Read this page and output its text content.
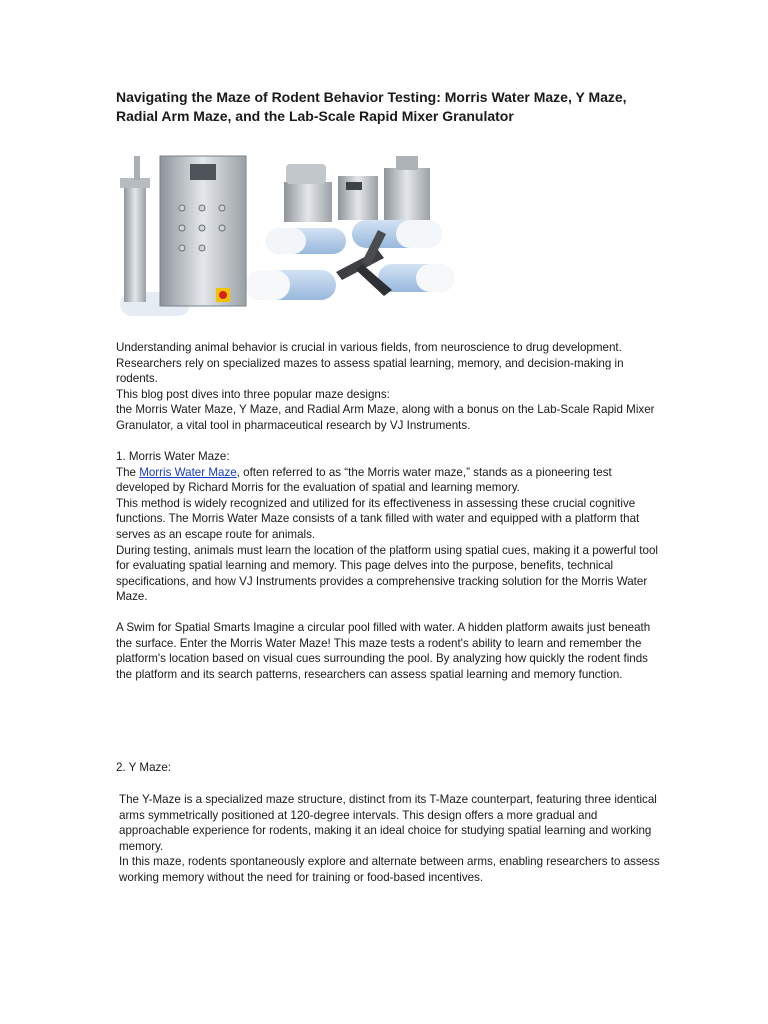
Navigating the Maze of Rodent Behavior Testing: Morris Water Maze, Y Maze, Radial Arm Maze, and the Lab-Scale Rapid Mixer Granulator

Understanding animal behavior is crucial in various fields, from neuroscience to drug development. Researchers rely on specialized mazes to assess spatial learning, memory, and decision-making in rodents.

This blog post dives into three popular maze designs:

the Morris Water Maze, Y Maze, and Radial Arm Maze, along with a bonus on the Lab-Scale Rapid Mixer Granulator, a vital tool in pharmaceutical research by VJ Instruments.

1. Morris Water Maze:

The Morris Water Maze, often referred to as “the Morris water maze,” stands as a pioneering test developed by Richard Morris for the evaluation of spatial and learning memory.

This method is widely recognized and utilized for its effectiveness in assessing these crucial cognitive functions. The Morris Water Maze consists of a tank filled with water and equipped with a platform that serves as an escape route for animals.

During testing, animals must learn the location of the platform using spatial cues, making it a powerful tool for evaluating spatial learning and memory. This page delves into the purpose, benefits, technical specifications, and how VJ Instruments provides a comprehensive tracking solution for the Morris Water Maze.

A Swim for Spatial Smarts Imagine a circular pool filled with water. A hidden platform awaits just beneath the surface. Enter the Morris Water Maze! This maze tests a rodent's ability to learn and remember the platform's location based on visual cues surrounding the pool. By analyzing how quickly the rodent finds the platform and its search patterns, researchers can assess spatial learning and memory function.

2. Y Maze:

The Y-Maze is a specialized maze structure, distinct from its T-Maze counterpart, featuring three identical arms symmetrically positioned at 120-degree intervals. This design offers a more gradual and approachable experience for rodents, making it an ideal choice for studying spatial learning and working memory.

In this maze, rodents spontaneously explore and alternate between arms, enabling researchers to assess working memory without the need for training or food-based incentives.
